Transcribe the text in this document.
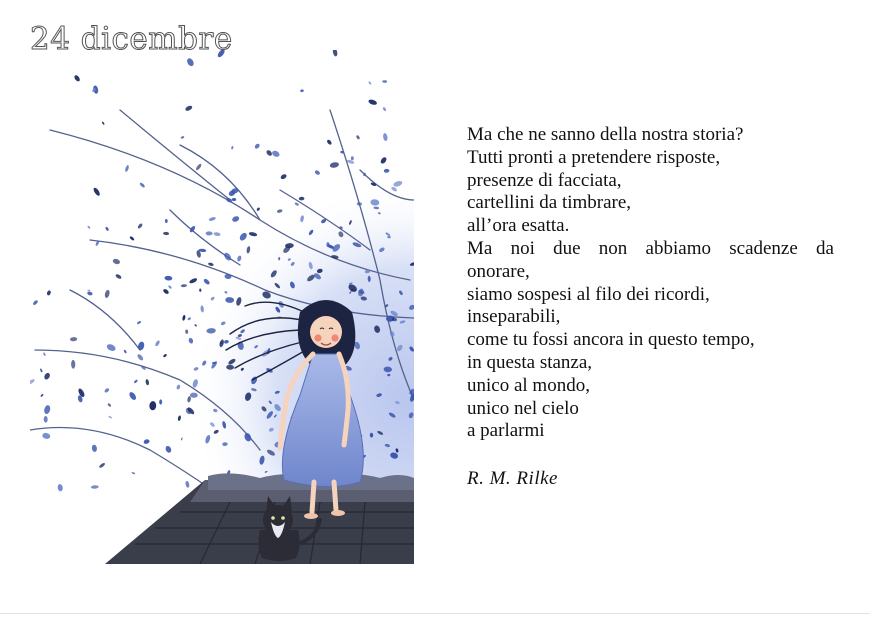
24 dicembre
Ma che ne sanno della nostra storia?
Tutti pronti a pretendere risposte,
presenze di facciata,
cartellini da timbrare,
all’ora esatta.
Ma noi due non abbiamo scadenze da
onorare,
siamo sospesi al filo dei ricordi,
inseparabili,
come tu fossi ancora in questo tempo,
in questa stanza,
unico al mondo,
unico nel cielo
a parlarmi
R. M. Rilke
